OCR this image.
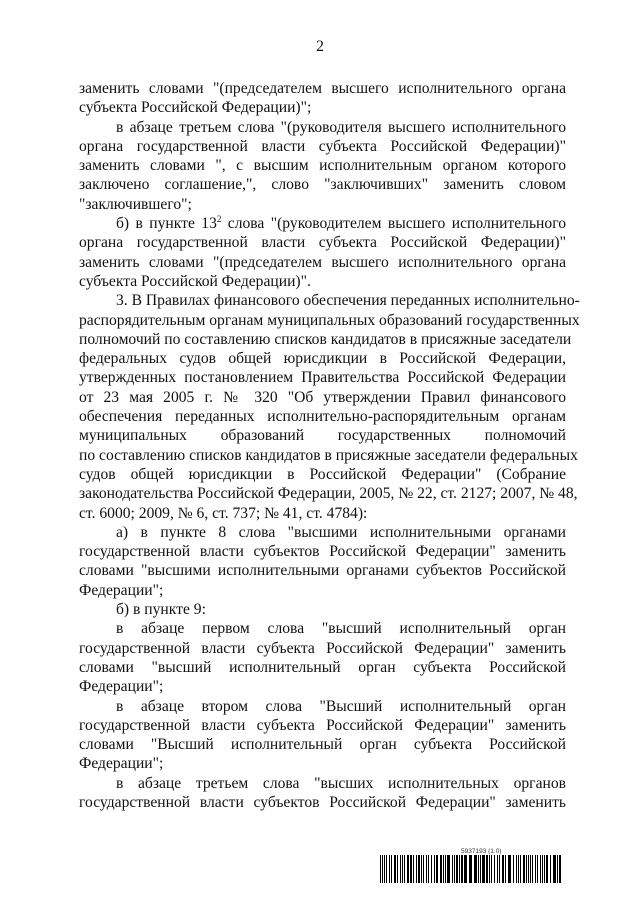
2
заменить словами "(председателем высшего исполнительного органа
субъекта Российской Федерации)";
в абзаце третьем слова "(руководителя высшего исполнительного
органа государственной власти субъекта Российской Федерации)"
заменить словами ", с высшим исполнительным органом которого
заключено соглашение,", слово "заключивших" заменить словом
"заключившего";
б) в пункте $13^2$ слова "(руководителем высшего исполнительного
органа государственной власти субъекта Российской Федерации)"
заменить словами "(председателем высшего исполнительного органа
субъекта Российской Федерации)".
3. В Правилах финансового обеспечения переданных исполнительно-
распорядительным органам муниципальных образований государственных
полномочий по составлению списков кандидатов в присяжные заседатели
федеральных судов общей юрисдикции в Российской Федерации,
утвержденных постановлением Правительства Российской Федерации
от 23 мая 2005 г. № 320 "Об утверждении Правил финансового
обеспечения переданных исполнительно-распорядительным органам
муниципальных образований государственных полномочий
по составлению списков кандидатов в присяжные заседатели федеральных
судов общей юрисдикции в Российской Федерации" (Собрание
законодательства Российской Федерации, 2005, № 22, ст. 2127; 2007, № 48,
ст. 6000; 2009, № 6, ст. 737; № 41, ст. 4784):
а) в пункте 8 слова "высшими исполнительными органами
государственной власти субъектов Российской Федерации" заменить
словами "высшими исполнительными органами субъектов Российской
Федерации";
б) в пункте 9:
в абзаце первом слова "высший исполнительный орган
государственной власти субъекта Российской Федерации" заменить
словами "высший исполнительный орган субъекта Российской
Федерации";
в абзаце втором слова "Высший исполнительный орган
государственной власти субъекта Российской Федерации" заменить
словами "Высший исполнительный орган субъекта Российской
Федерации";
в абзаце третьем слова "высших исполнительных органов
государственной власти субъектов Российской Федерации" заменить
5937193 (1.0)
